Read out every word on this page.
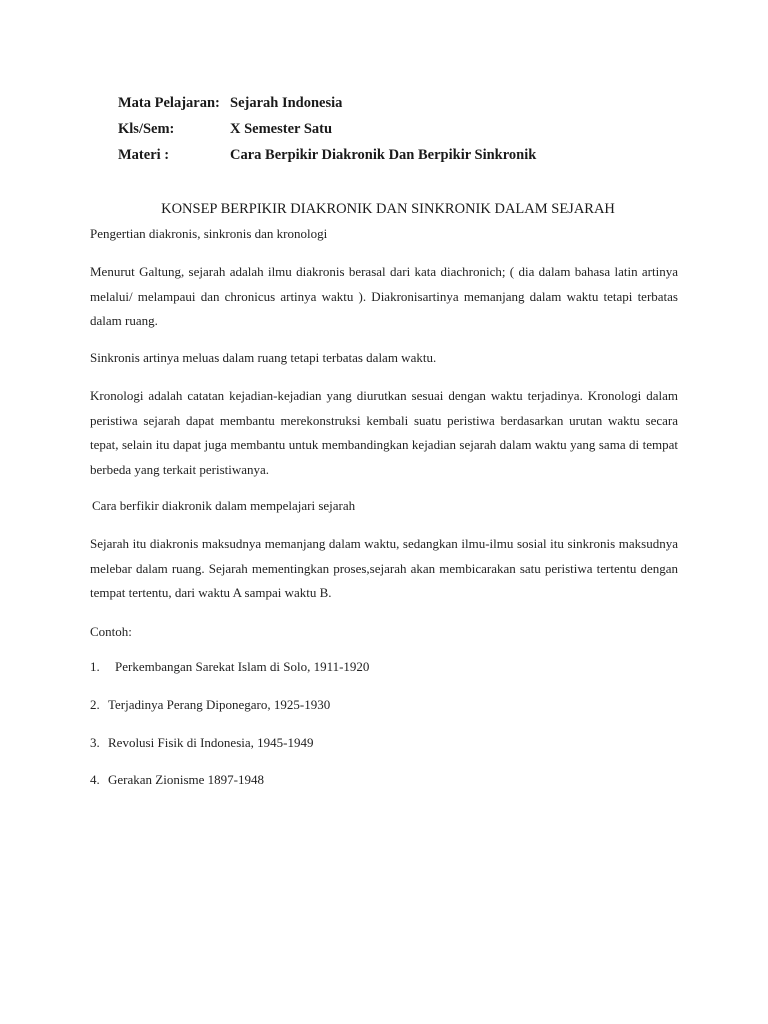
Mata Pelajaran: Sejarah Indonesia
Kls/Sem:	X Semester Satu
Materi :	Cara Berpikir Diakronik Dan Berpikir Sinkronik
KONSEP BERPIKIR DIAKRONIK DAN SINKRONIK DALAM SEJARAH
Pengertian diakronis, sinkronis dan kronologi
Menurut Galtung, sejarah adalah ilmu diakronis berasal dari kata diachronich; ( dia dalam bahasa latin artinya melalui/ melampaui dan chronicus artinya waktu ). Diakronisartinya memanjang dalam waktu tetapi terbatas dalam ruang.
Sinkronis artinya meluas dalam ruang tetapi terbatas dalam waktu.
Kronologi adalah catatan kejadian-kejadian yang diurutkan sesuai dengan waktu terjadinya. Kronologi dalam peristiwa sejarah dapat membantu merekonstruksi kembali suatu peristiwa berdasarkan urutan waktu secara tepat, selain itu dapat juga membantu untuk membandingkan kejadian sejarah dalam waktu yang sama di tempat berbeda yang terkait peristiwanya.
Cara berfikir diakronik dalam mempelajari sejarah
Sejarah itu diakronis maksudnya memanjang dalam waktu, sedangkan ilmu-ilmu sosial itu sinkronis maksudnya melebar dalam ruang. Sejarah mementingkan proses,sejarah akan membicarakan satu peristiwa tertentu dengan tempat tertentu, dari waktu A sampai waktu B.
Contoh:
1. Perkembangan Sarekat Islam di Solo, 1911-1920
2. Terjadinya Perang Diponegaro, 1925-1930
3. Revolusi Fisik di Indonesia, 1945-1949
4. Gerakan Zionisme 1897-1948
